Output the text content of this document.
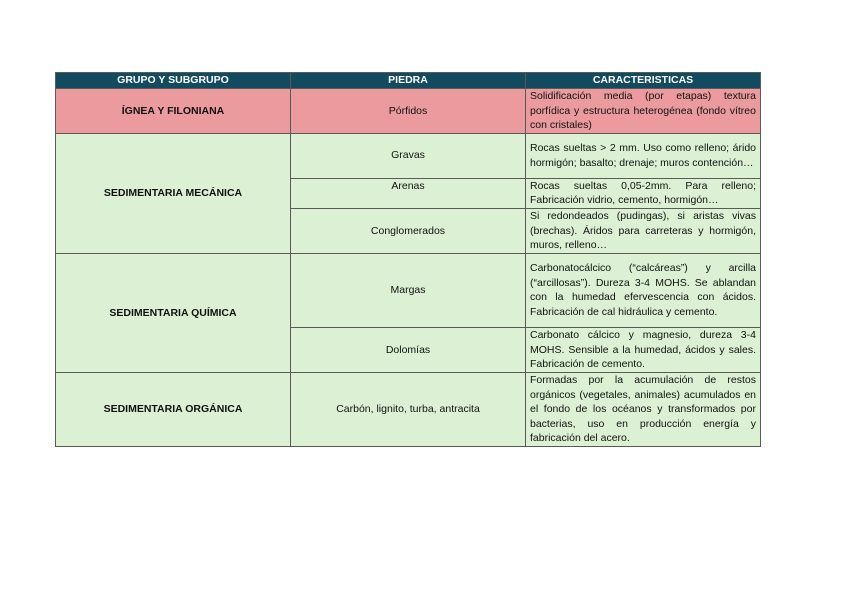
GRUPO Y SUBGRUPO	PIEDRA	CARACTERISTICAS
ÍGNEA Y FILONIANA	Pórfidos	Solidificación media (por etapas) textura porfídica y estructura heterogénea (fondo vítreo con cristales)
SEDIMENTARIA MECÁNICA	Gravas	Rocas sueltas > 2 mm. Uso como relleno; árido hormigón; basalto; drenaje; muros contención…
	Arenas	Rocas sueltas 0,05-2mm. Para relleno; Fabricación vidrio, cemento, hormigón…
	Conglomerados	Si redondeados (pudingas), si aristas vivas (brechas). Áridos para carreteras y hormigón, muros, relleno…
SEDIMENTARIA QUÍMICA	Margas	Carbonatocálcico (“calcáreas”) y arcilla (“arcillosas”). Dureza 3-4 MOHS. Se ablandan con la humedad efervescencia con ácidos. Fabricación de cal hidráulica y cemento.
	Dolomías	Carbonato cálcico y magnesio, dureza 3-4 MOHS. Sensible a la humedad, ácidos y sales. Fabricación de cemento.
SEDIMENTARIA ORGÁNICA	Carbón, lignito, turba, antracita	Formadas por la acumulación de restos orgánicos (vegetales, animales) acumulados en el fondo de los océanos y transformados por bacterias, uso en producción energía y fabricación del acero.
